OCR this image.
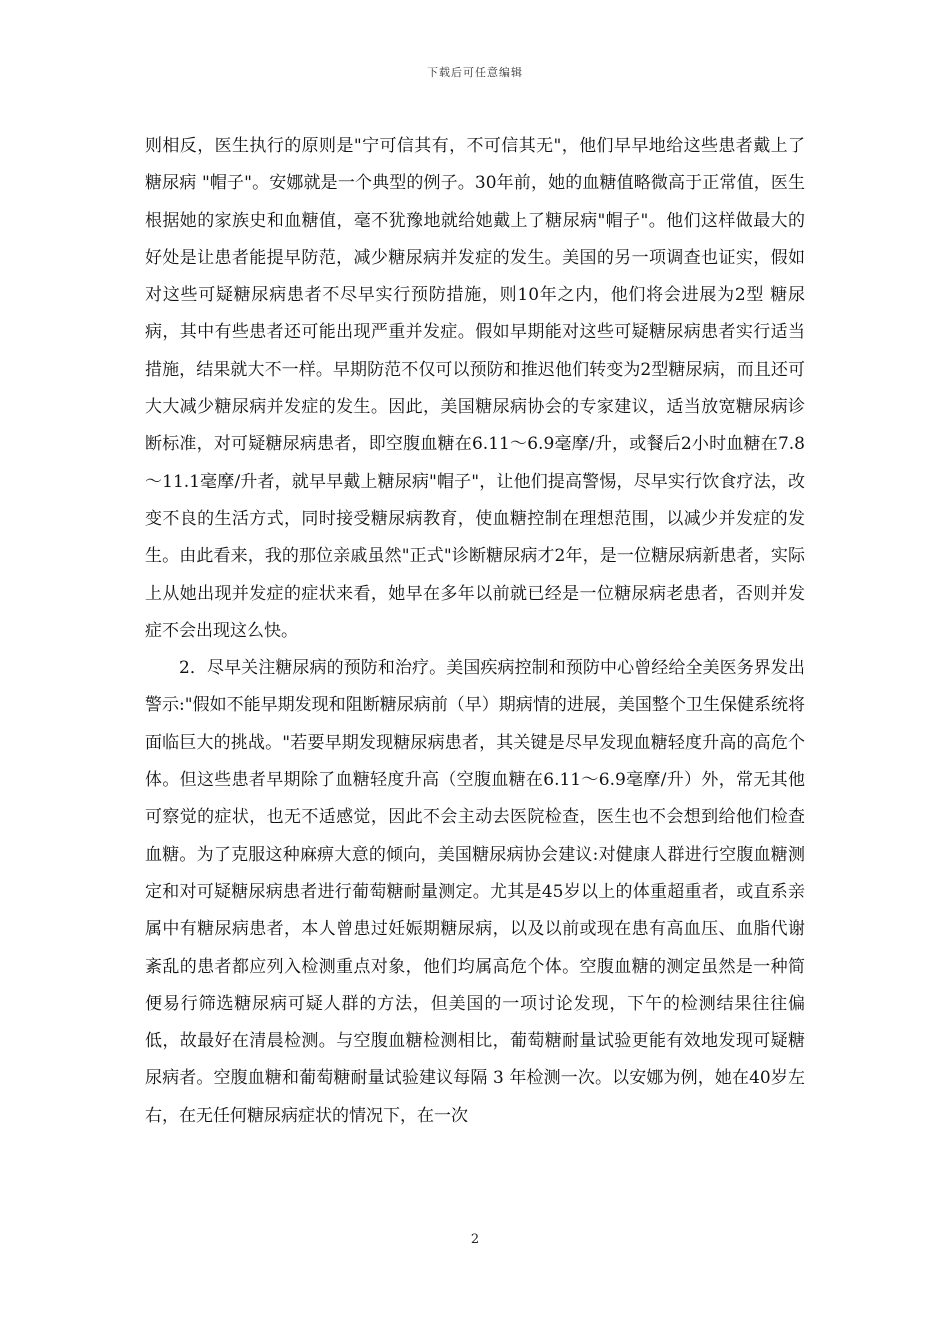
下载后可任意编辑

则相反，医生执行的原则是"宁可信其有，不可信其无"，他们早早地给这些患者戴上了糖尿病 "帽子"。安娜就是一个典型的例子。30年前，她的血糖值略微高于正常值，医生根据她的家族史和血糖值，毫不犹豫地就给她戴上了糖尿病"帽子"。他们这样做最大的好处是让患者能提早防范，减少糖尿病并发症的发生。美国的另一项调查也证实，假如对这些可疑糖尿病患者不尽早实行预防措施，则10年之内，他们将会进展为2型 糖尿病，其中有些患者还可能出现严重并发症。假如早期能对这些可疑糖尿病患者实行适当措施，结果就大不一样。早期防范不仅可以预防和推迟他们转变为2型糖尿病，而且还可大大减少糖尿病并发症的发生。因此，美国糖尿病协会的专家建议，适当放宽糖尿病诊断标准，对可疑糖尿病患者，即空腹血糖在6.11～6.9毫摩/升，或餐后2小时血糖在7.8～11.1毫摩/升者，就早早戴上糖尿病"帽子"，让他们提高警惕，尽早实行饮食疗法，改变不良的生活方式，同时接受糖尿病教育，使血糖控制在理想范围，以减少并发症的发生。由此看来，我的那位亲戚虽然"正式"诊断糖尿病才2年，是一位糖尿病新患者，实际上从她出现并发症的症状来看，她早在多年以前就已经是一位糖尿病老患者，否则并发症不会出现这么快。

2．尽早关注糖尿病的预防和治疗。美国疾病控制和预防中心曾经给全美医务界发出警示:"假如不能早期发现和阻断糖尿病前（早）期病情的进展，美国整个卫生保健系统将面临巨大的挑战。"若要早期发现糖尿病患者，其关键是尽早发现血糖轻度升高的高危个体。但这些患者早期除了血糖轻度升高（空腹血糖在6.11～6.9毫摩/升）外，常无其他可察觉的症状，也无不适感觉，因此不会主动去医院检查，医生也不会想到给他们检查血糖。为了克服这种麻痹大意的倾向，美国糖尿病协会建议:对健康人群进行空腹血糖测定和对可疑糖尿病患者进行葡萄糖耐量测定。尤其是45岁以上的体重超重者，或直系亲属中有糖尿病患者，本人曾患过妊娠期糖尿病，以及以前或现在患有高血压、血脂代谢紊乱的患者都应列入检测重点对象，他们均属高危个体。空腹血糖的测定虽然是一种简便易行筛选糖尿病可疑人群的方法，但美国的一项讨论发现，下午的检测结果往往偏低，故最好在清晨检测。与空腹血糖检测相比，葡萄糖耐量试验更能有效地发现可疑糖尿病者。空腹血糖和葡萄糖耐量试验建议每隔 3 年检测一次。以安娜为例，她在40岁左右，在无任何糖尿病症状的情况下，在一次

2
